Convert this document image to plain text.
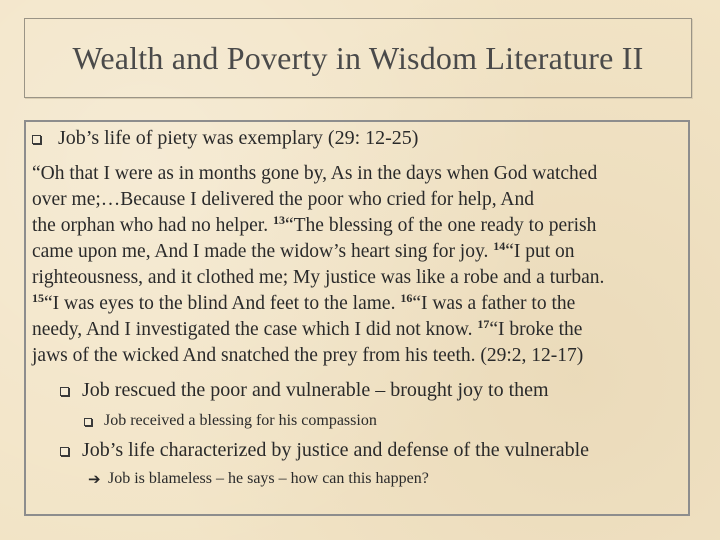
Wealth and Poverty in Wisdom Literature II
Job’s life of piety was exemplary (29: 12-25)

“Oh that I were as in months gone by, As in the days when God watched

over me;…Because I delivered the poor who cried for help, And

the orphan who had no helper. $^{13}$“The blessing of the one ready to perish

came upon me, And I made the widow’s heart sing for joy. $^{14}$“I put on

righteousness, and it clothed me; My justice was like a robe and a turban.

$^{15}$“I was eyes to the blind And feet to the lame. $^{16}$“I was a father to the

needy, And I investigated the case which I did not know. $^{17}$“I broke the

jaws of the wicked And snatched the prey from his teeth. (29:2, 12-17)

Job rescued the poor and vulnerable – brought joy to them
Job received a blessing for his compassion
Job’s life characterized by justice and defense of the vulnerable
➔ Job is blameless – he says – how can this happen?
